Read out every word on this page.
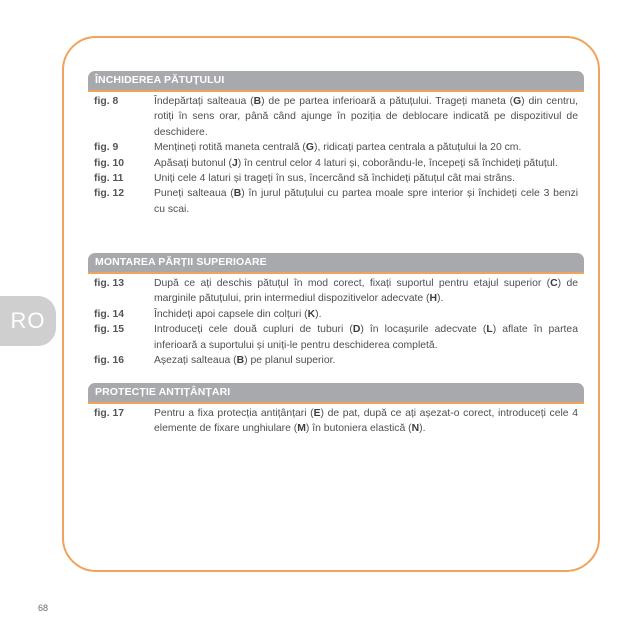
RO
ÎNCHIDEREA PĂTUȚULUI
fig. 8	Îndepărtați salteaua (B) de pe partea inferioară a pătuțului. Trageți maneta (G) din centru, rotiți în sens orar, până când ajunge în poziția de deblocare indicată pe dispozitivul de deschidere.
fig. 9	Mențineți rotită maneta centrală (G), ridicați partea centrala a pătuțului la 20 cm.
fig. 10	Apăsați butonul (J) în centrul celor 4 laturi și, coborându-le, începeți să închideți pătuțul.
fig. 11	Uniți cele 4 laturi și trageți în sus, încercând să închideți pătuțul cât mai strâns.
fig. 12	Puneți salteaua (B) în jurul pătuțului cu partea moale spre interior și închideți cele 3 benzi cu scai.
MONTAREA PĂRȚII SUPERIOARE
fig. 13	După ce ați deschis pătuțul în mod corect, fixați suportul pentru etajul superior (C) de marginile pătuțului, prin intermediul dispozitivelor adecvate (H).
fig. 14	Închideți apoi capsele din colțuri (K).
fig. 15	Introduceți cele două cupluri de tuburi (D) în locașurile adecvate (L) aflate în partea inferioară a suportului și uniți-le pentru deschiderea completă.
fig. 16	Așezați salteaua (B) pe planul superior.
PROTECȚIE ANTIȚÂNȚARI
fig. 17	Pentru a fixa protecția antițânțari (E) de pat, după ce ați așezat-o corect, introduceți cele 4 elemente de fixare unghiulare (M) în butoniera elastică (N).
68
